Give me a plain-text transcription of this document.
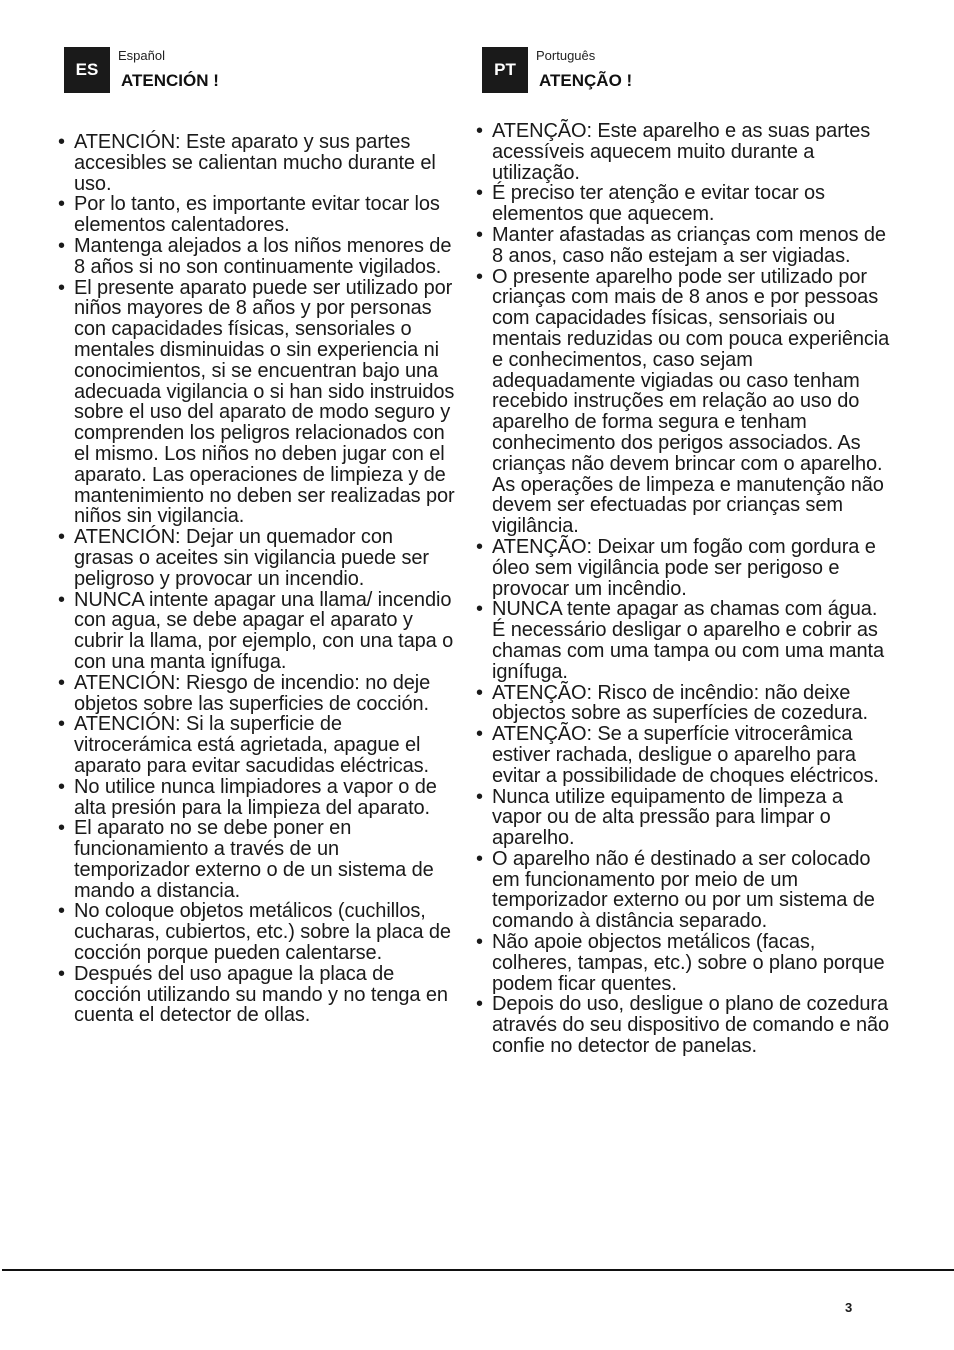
ES
Español
ATENCIÓN !
• ATENCIÓN: Este aparato y sus partes accesibles se calientan mucho durante el uso.
• Por lo tanto, es importante evitar tocar los elementos calentadores.
• Mantenga alejados a los niños menores de 8 años si no son continuamente vigilados.
• El presente aparato puede ser utilizado por niños mayores de 8 años y por personas con capacidades físicas, sensoriales o mentales disminuidas o sin experiencia ni conocimientos, si se encuentran bajo una adecuada vigilancia o si han sido instruidos sobre el uso del aparato de modo seguro y comprenden los peligros relacionados con el mismo. Los niños no deben jugar con el aparato. Las operaciones de limpieza y de mantenimiento no deben ser realizadas por niños sin vigilancia.
• ATENCIÓN: Dejar un quemador con grasas o aceites sin vigilancia puede ser peligroso y provocar un incendio.
• NUNCA intente apagar una llama/ incendio con agua, se debe apagar el aparato y cubrir la llama, por ejemplo, con una tapa o con una manta ignífuga.
• ATENCIÓN: Riesgo de incendio: no deje objetos sobre las superficies de cocción.
• ATENCIÓN: Si la superficie de vitrocerámica está agrietada, apague el aparato para evitar sacudidas eléctricas.
• No utilice nunca limpiadores a vapor o de alta presión para la limpieza del aparato.
• El aparato no se debe poner en funcionamiento a través de un temporizador externo o de un sistema de mando a distancia.
• No coloque objetos metálicos (cuchillos, cucharas, cubiertos, etc.) sobre la placa de cocción porque pueden calentarse.
• Después del uso apague la placa de cocción utilizando su mando y no tenga en cuenta el detector de ollas.
PT
Português
ATENÇÃO !
• ATENÇÃO: Este aparelho e as suas partes acessíveis aquecem muito durante a utilização.
• É preciso ter atenção e evitar tocar os elementos que aquecem.
• Manter afastadas as crianças com menos de 8 anos, caso não estejam a ser vigiadas.
• O presente aparelho pode ser utilizado por crianças com mais de 8 anos e por pessoas com capacidades físicas, sensoriais ou mentais reduzidas ou com pouca experiência e conhecimentos, caso sejam adequadamente vigiadas ou caso tenham recebido instruções em relação ao uso do aparelho de forma segura e tenham conhecimento dos perigos associados. As crianças não devem brincar com o aparelho. As operações de limpeza e manutenção não devem ser efectuadas por crianças sem vigilância.
• ATENÇÃO: Deixar um fogão com gordura e óleo sem vigilância pode ser perigoso e provocar um incêndio.
• NUNCA tente apagar as chamas com água. É necessário desligar o aparelho e cobrir as chamas com uma tampa ou com uma manta ignífuga.
• ATENÇÃO: Risco de incêndio: não deixe objectos sobre as superfícies de cozedura.
• ATENÇÃO: Se a superfície vitrocerâmica estiver rachada, desligue o aparelho para evitar a possibilidade de choques eléctricos.
• Nunca utilize equipamento de limpeza a vapor ou de alta pressão para limpar o aparelho.
• O aparelho não é destinado a ser colocado em funcionamento por meio de um temporizador externo ou por um sistema de comando à distância separado.
• Não apoie objectos metálicos (facas, colheres, tampas, etc.) sobre o plano porque podem ficar quentes.
• Depois do uso, desligue o plano de cozedura através do seu dispositivo de comando e não confie no detector de panelas.
3
